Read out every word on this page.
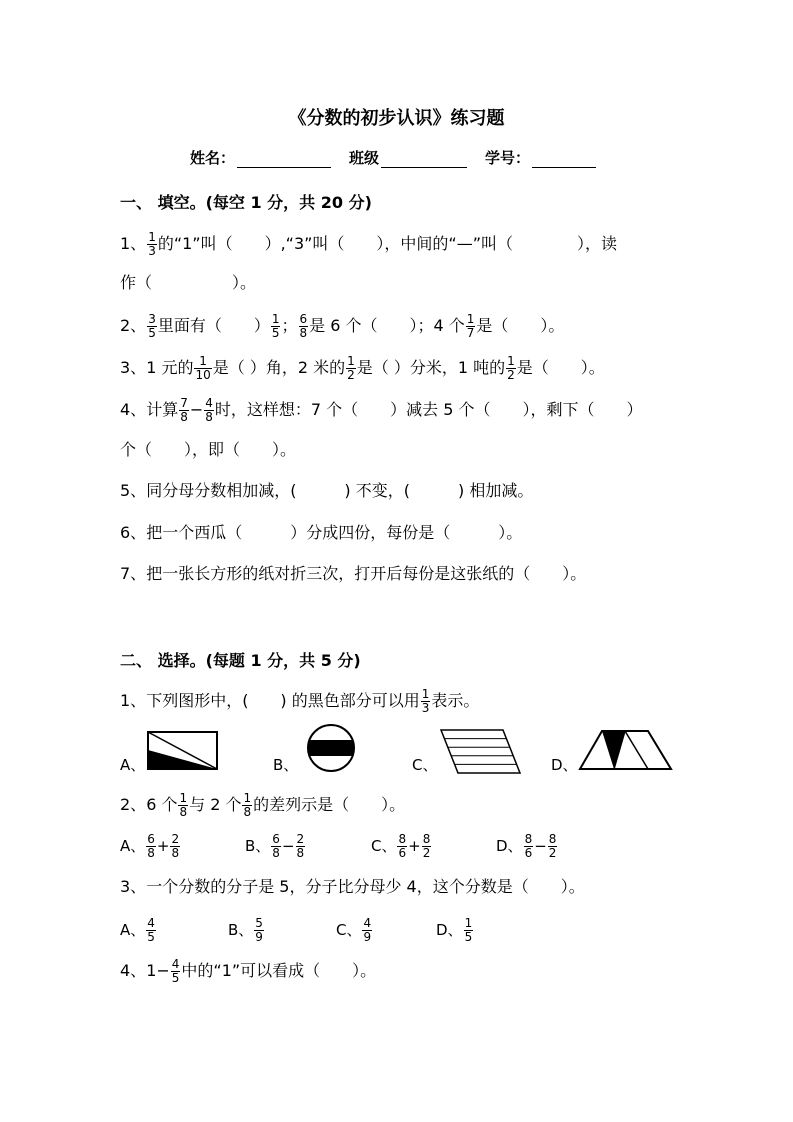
《分数的初步认识》练习题
姓名：	班级	学号：
一、 填空。(每空 1 分，共 20 分)
1、 $\frac{1}{3}$ 的“1”叫（　　）,“3”叫（　　），中间的“—”叫（　　　　），读
作（　　　　　）。
2、 $\frac{3}{5}$ 里面有（　　） $\frac{1}{5}$ ； $\frac{6}{8}$ 是 6 个（　　）；4 个 $\frac{1}{7}$ 是（　　）。
3、1 元的 $\frac{1}{10}$ 是（ ）角，2 米的 $\frac{1}{2}$ 是（ ）分米，1 吨的 $\frac{1}{2}$ 是（　　）。
4、计算 $\frac{7}{8} - \frac{4}{8}$ 时，这样想：7 个（　　）减去 5 个（　　），剩下（　　）
个（　　），即（　　）。
5、同分母分数相加减，(　　　) 不变，(　　　) 相加减。
6、把一个西瓜（　　　）分成四份，每份是（　　　）。
7、把一张长方形的纸对折三次，打开后每份是这张纸的（　　）。
二、 选择。(每题 1 分，共 5 分)
1、下列图形中，(　　) 的黑色部分可以用 $\frac{1}{3}$ 表示。
A、	B、	C、	D、
2、6 个 $\frac{1}{8}$ 与 2 个 $\frac{1}{8}$ 的差列示是（　　）。
A、 $\frac{6}{8} + \frac{2}{8}$	B、 $\frac{6}{8} - \frac{2}{8}$	C、 $\frac{8}{6} + \frac{8}{2}$	D、 $\frac{8}{6} - \frac{8}{2}$
3、一个分数的分子是 5，分子比分母少 4，这个分数是（　　）。
A、 $\frac{4}{5}$	B、 $\frac{5}{9}$	C、 $\frac{4}{9}$	D、 $\frac{1}{5}$
4、$1- \frac{4}{5}$ 中的“1”可以看成（　　）。
